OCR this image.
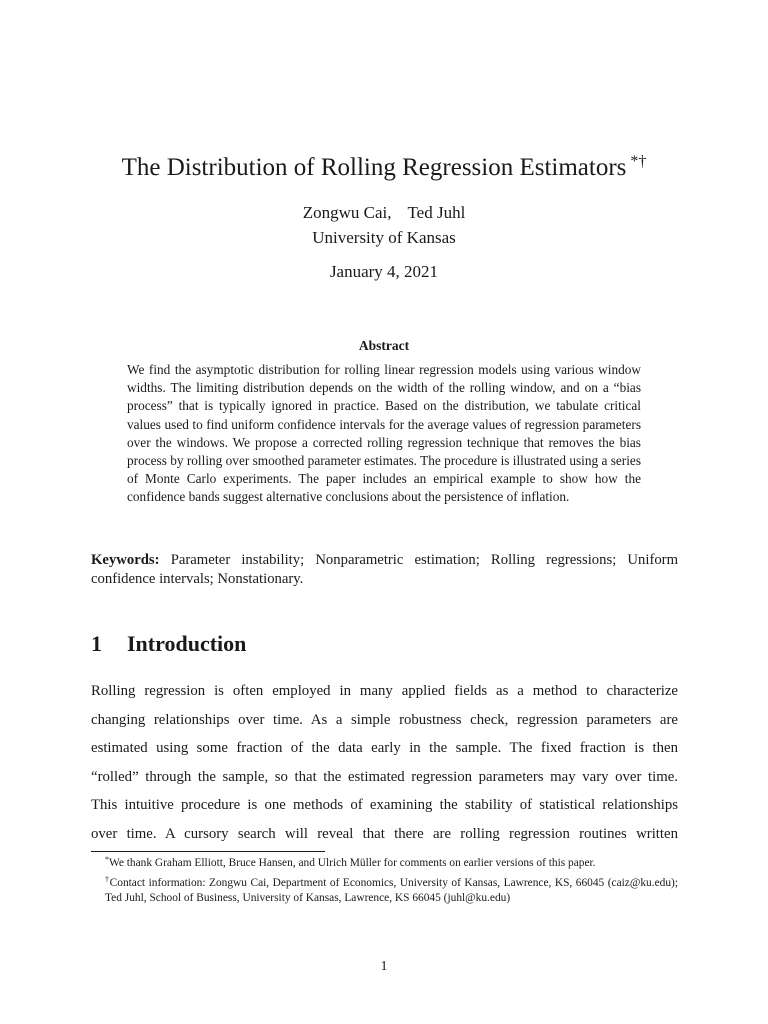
The Distribution of Rolling Regression Estimators *†
Zongwu Cai, Ted Juhl
University of Kansas
January 4, 2021
Abstract
We find the asymptotic distribution for rolling linear regression models using various window widths. The limiting distribution depends on the width of the rolling window, and on a “bias process” that is typically ignored in practice. Based on the distribution, we tabulate critical values used to find uniform confidence intervals for the average values of regression parameters over the windows. We propose a corrected rolling regression technique that removes the bias process by rolling over smoothed parameter estimates. The procedure is illustrated using a series of Monte Carlo experiments. The paper includes an empirical example to show how the confidence bands suggest alternative conclusions about the persistence of inflation.
Keywords: Parameter instability; Nonparametric estimation; Rolling regressions; Uniform confidence intervals; Nonstationary.
1 Introduction
Rolling regression is often employed in many applied fields as a method to characterize
changing relationships over time. As a simple robustness check, regression parameters are
estimated using some fraction of the data early in the sample. The fixed fraction is then
“rolled” through the sample, so that the estimated regression parameters may vary over time.
This intuitive procedure is one methods of examining the stability of statistical relationships
over time. A cursory search will reveal that there are rolling regression routines written
*We thank Graham Elliott, Bruce Hansen, and Ulrich Müller for comments on earlier versions of this paper.
†Contact information: Zongwu Cai, Department of Economics, University of Kansas, Lawrence, KS, 66045 (caiz@ku.edu); Ted Juhl, School of Business, University of Kansas, Lawrence, KS 66045 (juhl@ku.edu)
1
